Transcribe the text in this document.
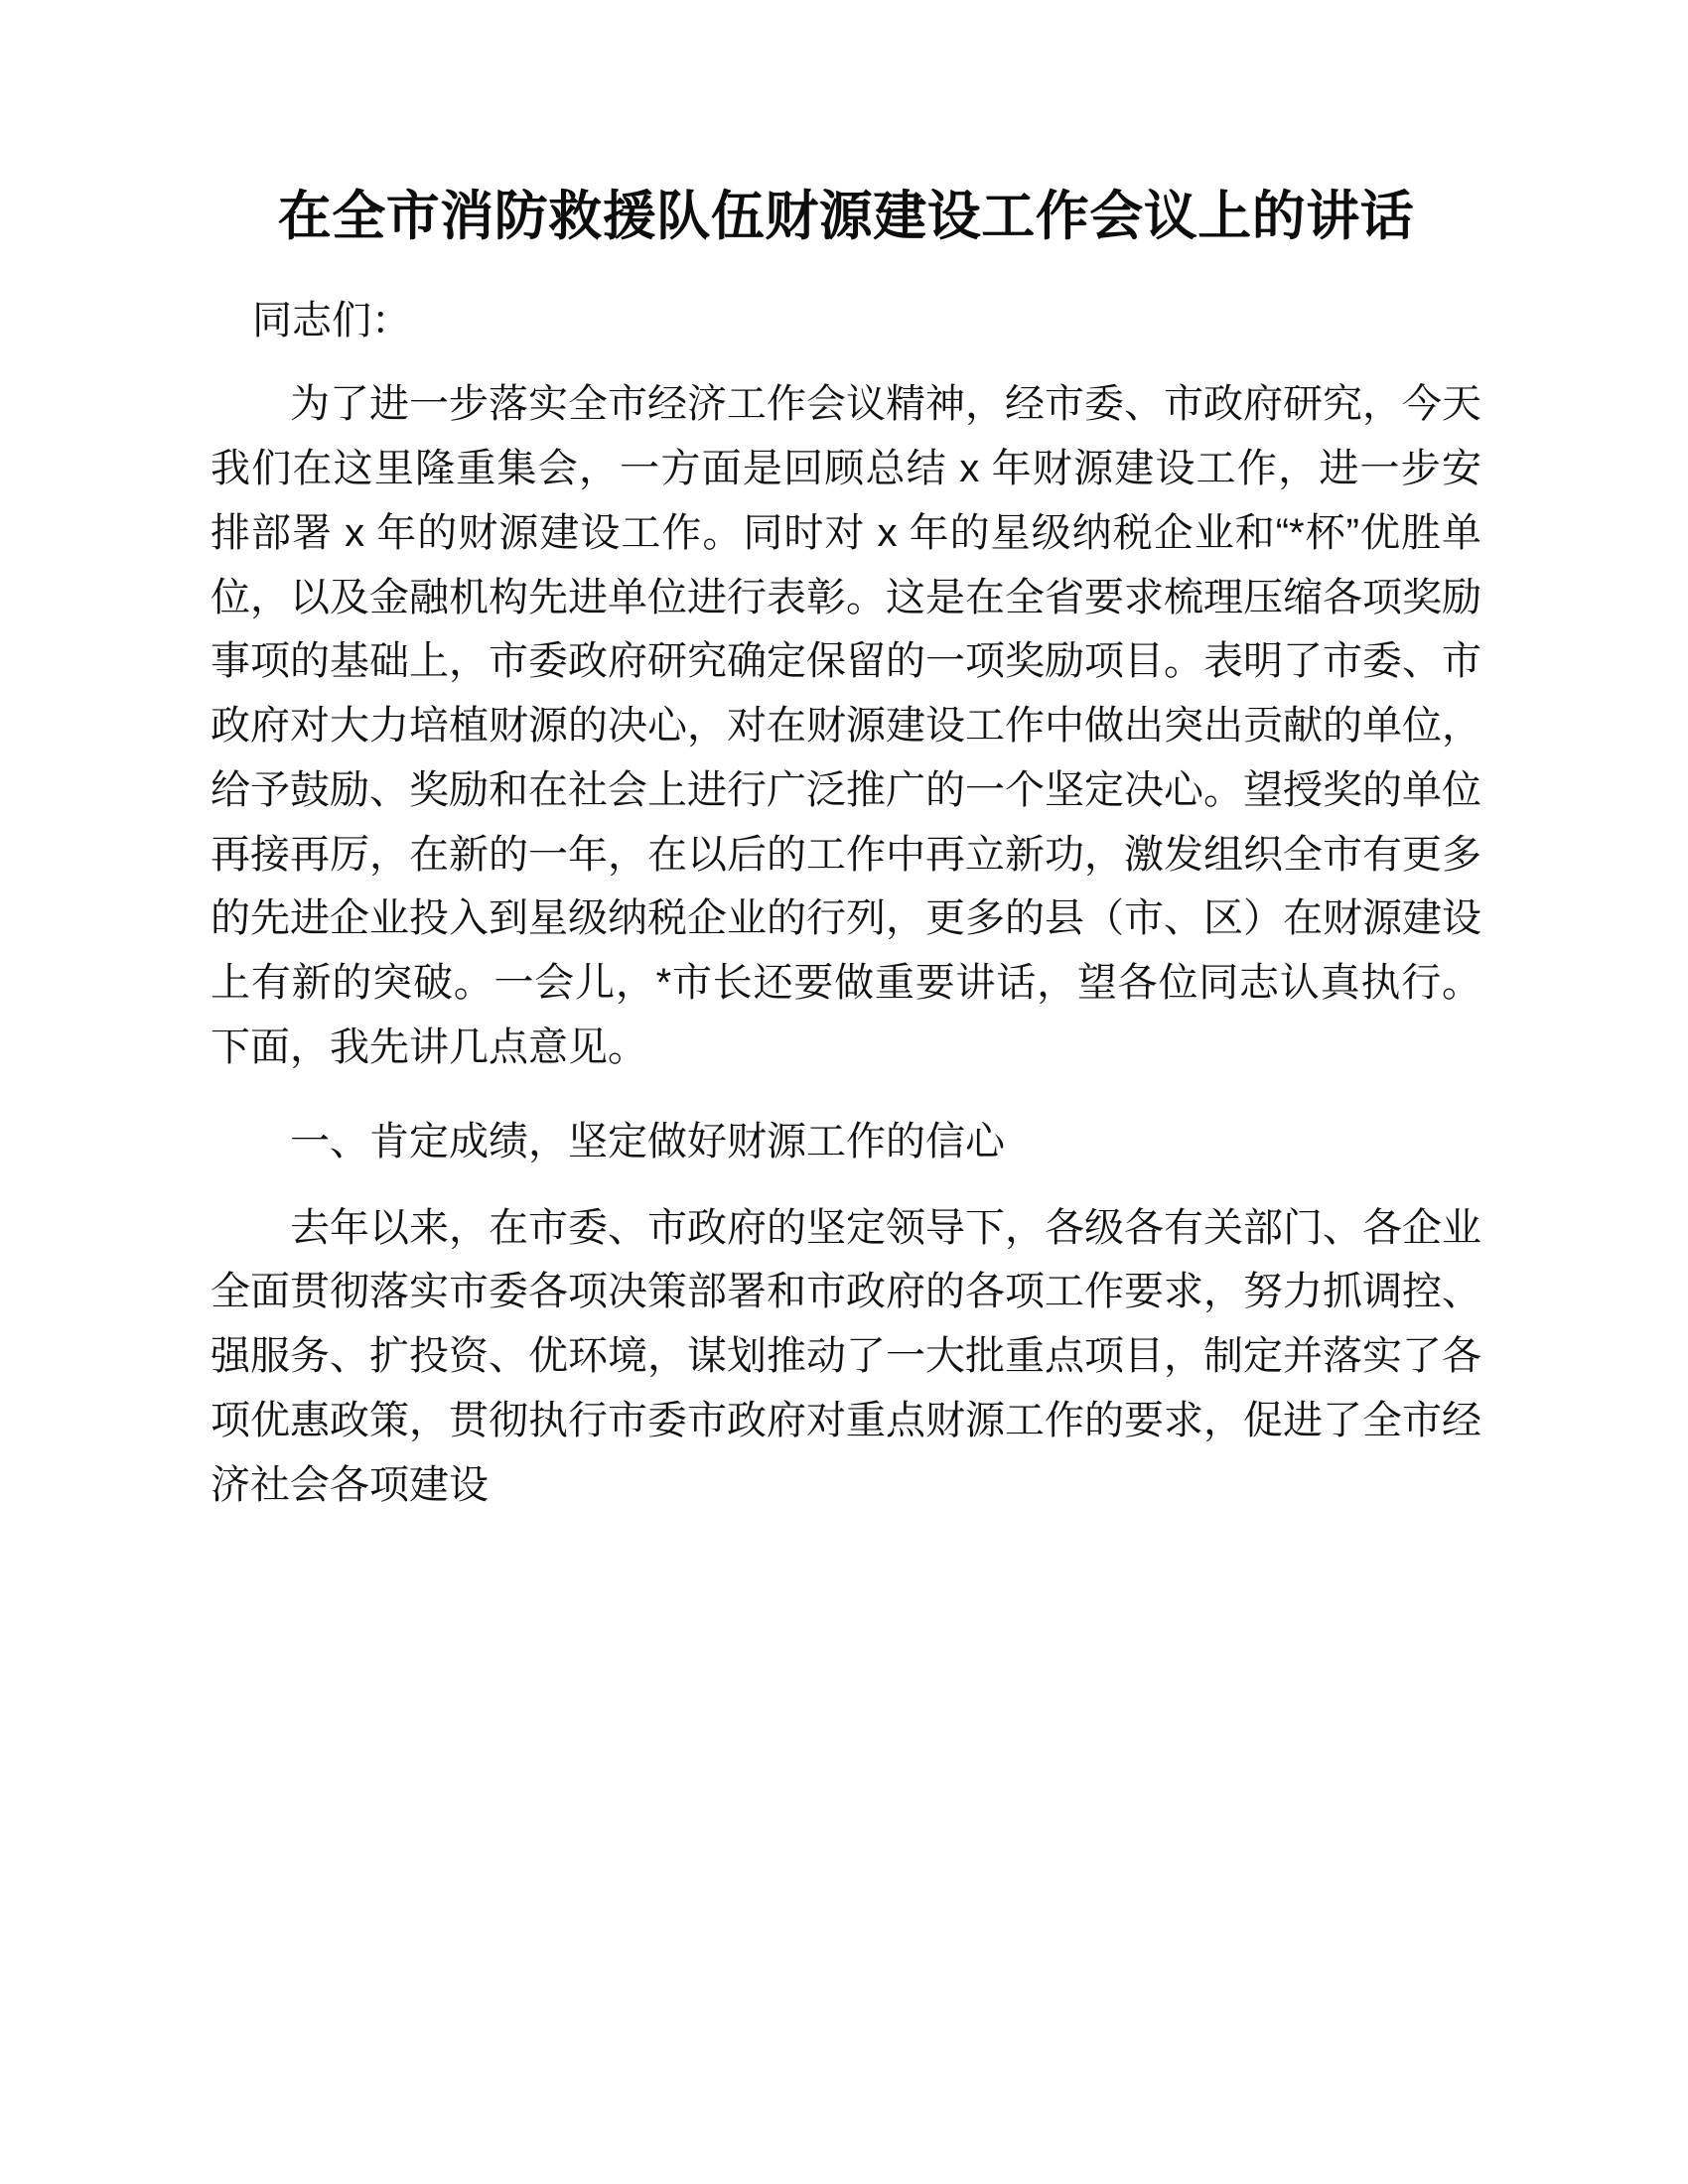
在全市消防救援队伍财源建设工作会议上的讲话

同志们：

为了进一步落实全市经济工作会议精神，经市委、市政府研究，今天我们在这里隆重集会，一方面是回顾总结 x 年财源建设工作，进一步安排部署 x 年的财源建设工作。同时对 x 年的星级纳税企业和“*杯”优胜单位，以及金融机构先进单位进行表彰。这是在全省要求梳理压缩各项奖励事项的基础上，市委政府研究确定保留的一项奖励项目。表明了市委、市政府对大力培植财源的决心，对在财源建设工作中做出突出贡献的单位，给予鼓励、奖励和在社会上进行广泛推广的一个坚定决心。望授奖的单位再接再厉，在新的一年，在以后的工作中再立新功，激发组织全市有更多的先进企业投入到星级纳税企业的行列，更多的县（市、区）在财源建设上有新的突破。一会儿，*市长还要做重要讲话，望各位同志认真执行。下面，我先讲几点意见。

一、肯定成绩，坚定做好财源工作的信心

去年以来，在市委、市政府的坚定领导下，各级各有关部门、各企业全面贯彻落实市委各项决策部署和市政府的各项工作要求，努力抓调控、强服务、扩投资、优环境，谋划推动了一大批重点项目，制定并落实了各项优惠政策，贯彻执行市委市政府对重点财源工作的要求，促进了全市经济社会各项建设
